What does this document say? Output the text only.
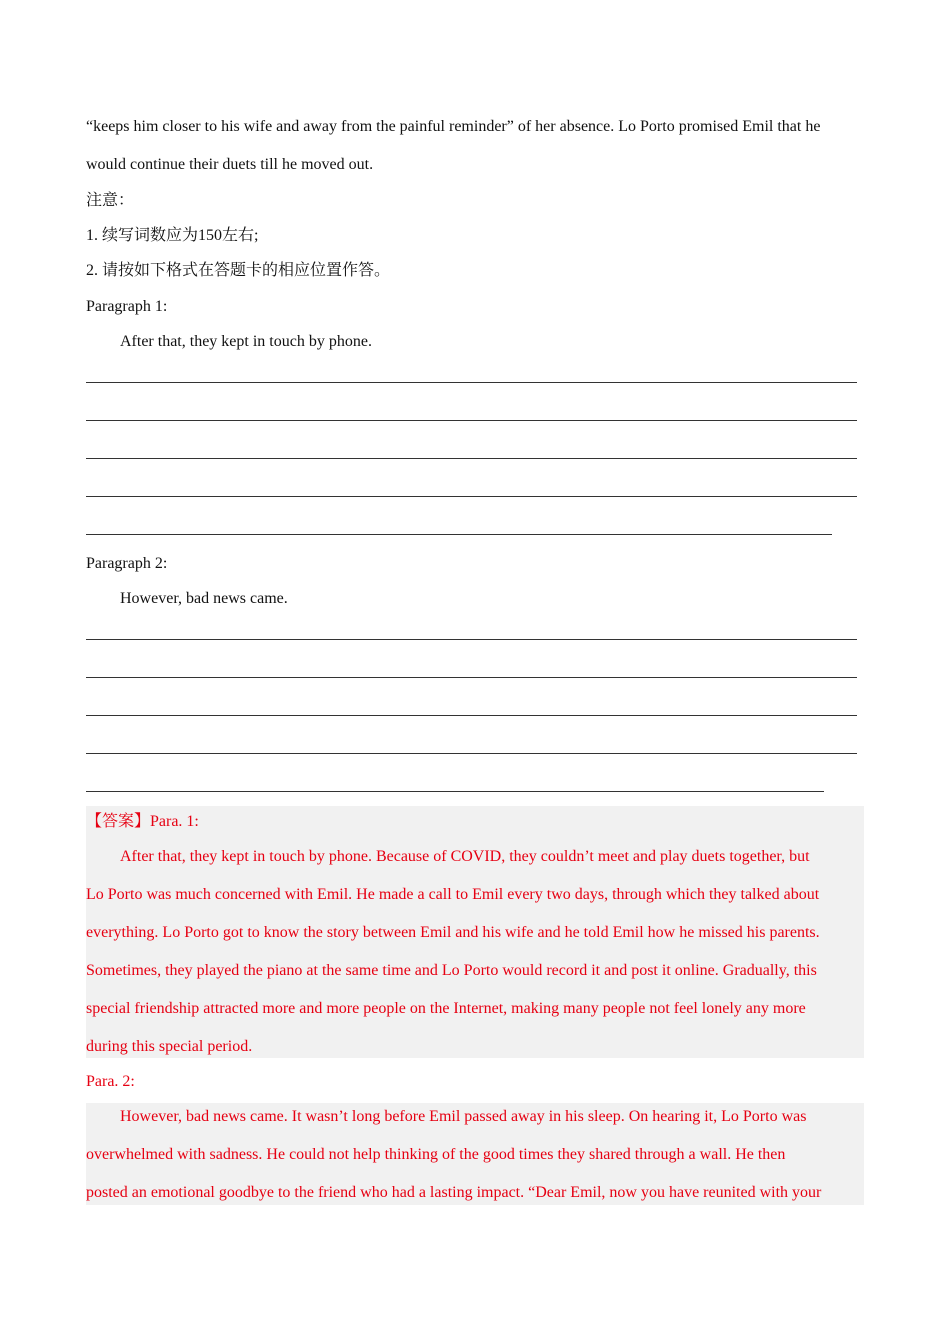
“keeps him closer to his wife and away from the painful reminder” of her absence. Lo Porto promised Emil that he
would continue their duets till he moved out.
注意：
1. 续写词数应为150左右;
2. 请按如下格式在答题卡的相应位置作答。
Paragraph 1:
After that, they kept in touch by phone.
Paragraph 2:
However, bad news came.
【答案】Para. 1:
After that, they kept in touch by phone. Because of COVID, they couldn’t meet and play duets together, but
Lo Porto was much concerned with Emil. He made a call to Emil every two days, through which they talked about
everything. Lo Porto got to know the story between Emil and his wife and he told Emil how he missed his parents.
Sometimes, they played the piano at the same time and Lo Porto would record it and post it online. Gradually, this
special friendship attracted more and more people on the Internet, making many people not feel lonely any more
during this special period.
Para. 2:
However, bad news came. It wasn’t long before Emil passed away in his sleep. On hearing it, Lo Porto was
overwhelmed with sadness. He could not help thinking of the good times they shared through a wall. He then
posted an emotional goodbye to the friend who had a lasting impact. “Dear Emil, now you have reunited with your
